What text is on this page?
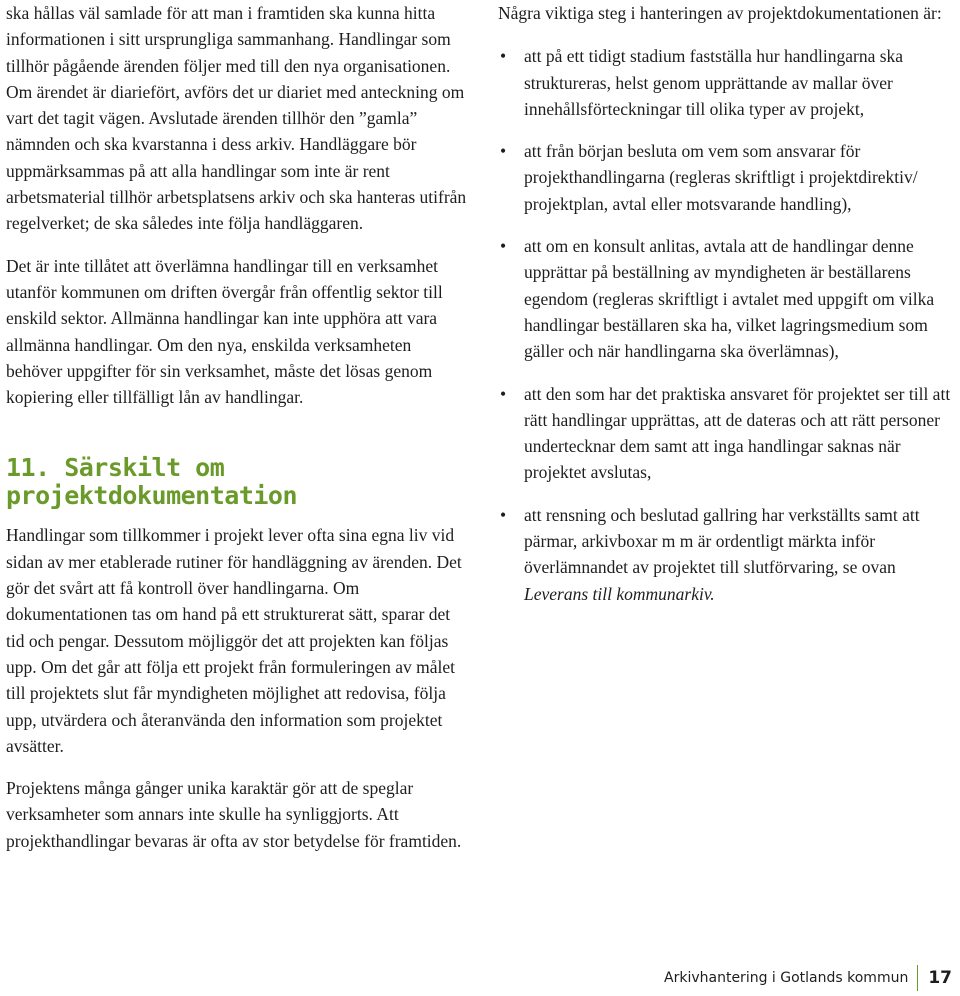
ska hållas väl samlade för att man i framtiden ska kunna hitta informationen i sitt ursprungliga sammanhang. Handlingar som tillhör pågående ärenden följer med till den nya organisationen. Om ärendet är diariefört, avförs det ur diariet med anteckning om vart det tagit vägen. Avslutade ärenden tillhör den ”gamla” nämnden och ska kvarstanna i dess arkiv. Handläggare bör uppmärksammas på att alla handlingar som inte är rent arbetsmaterial tillhör arbetsplatsens arkiv och ska hanteras utifrån regelverket; de ska således inte följa handläggaren.

Det är inte tillåtet att överlämna handlingar till en verksamhet utanför kommunen om driften övergår från offentlig sektor till enskild sektor. Allmänna handlingar kan inte upphöra att vara allmänna handlingar. Om den nya, enskilda verksamheten behöver uppgifter för sin verksamhet, måste det lösas genom kopiering eller tillfälligt lån av handlingar.

11. Särskilt om projektdokumentation

Handlingar som tillkommer i projekt lever ofta sina egna liv vid sidan av mer etablerade rutiner för handläggning av ärenden. Det gör det svårt att få kontroll över handlingarna. Om dokumentationen tas om hand på ett strukturerat sätt, sparar det tid och pengar. Dessutom möjliggör det att projekten kan följas upp. Om det går att följa ett projekt från formuleringen av målet till projektets slut får myndigheten möjlighet att redovisa, följa upp, utvärdera och återanvända den information som projektet avsätter.

Projektens många gånger unika karaktär gör att de speglar verksamheter som annars inte skulle ha synliggjorts. Att projekthandlingar bevaras är ofta av stor betydelse för framtiden.

Några viktiga steg i hanteringen av projektdokumentationen är:

• att på ett tidigt stadium fastställa hur handlingarna ska struktureras, helst genom upprättande av mallar över innehållsförteckningar till olika typer av projekt,

• att från början besluta om vem som ansvarar för projekthandlingarna (regleras skriftligt i projektdirektiv/ projektplan, avtal eller motsvarande handling),

• att om en konsult anlitas, avtala att de handlingar denne upprättar på beställning av myndigheten är beställarens egendom (regleras skriftligt i avtalet med uppgift om vilka handlingar beställaren ska ha, vilket lagringsmedium som gäller och när handlingarna ska överlämnas),

• att den som har det praktiska ansvaret för projektet ser till att rätt handlingar upprättas, att de dateras och att rätt personer undertecknar dem samt att inga handlingar saknas när projektet avslutas,

• att rensning och beslutad gallring har verkställts samt att pärmar, arkivboxar m m är ordentligt märkta inför överlämnandet av projektet till slutförvaring, se ovan Leverans till kommunarkiv.

Arkivhantering i Gotlands kommun 17
